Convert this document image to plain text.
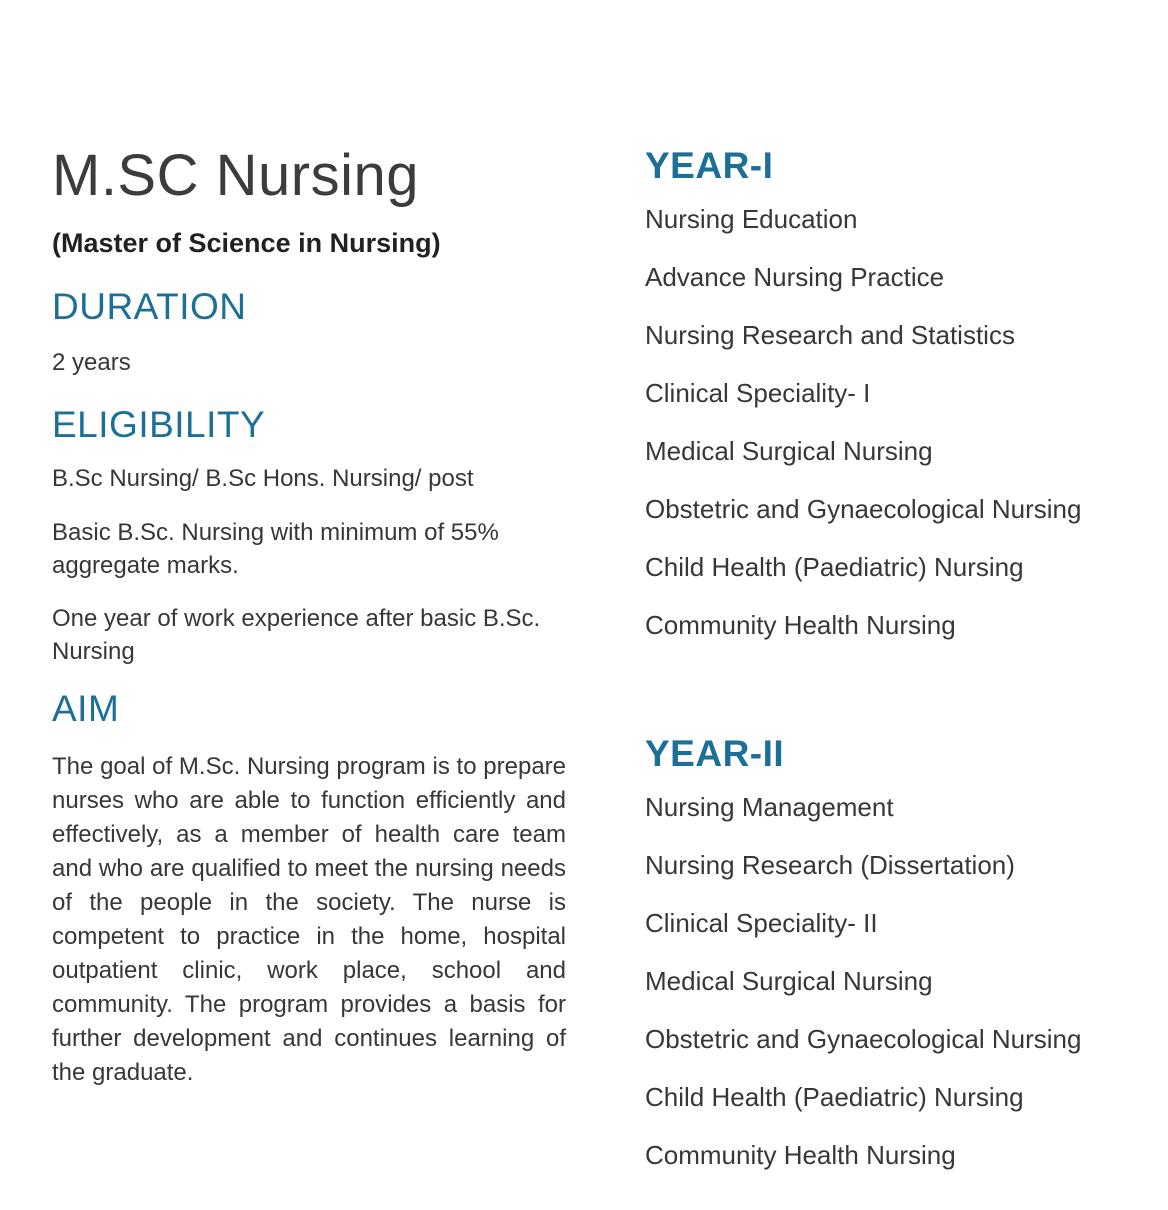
M.SC Nursing
(Master of Science in Nursing)
DURATION

2 years

ELIGIBILITY

B.Sc Nursing/ B.Sc Hons. Nursing/ post

Basic B.Sc. Nursing with minimum of 55% aggregate marks.

One year of work experience after basic B.Sc. Nursing

AIM

The goal of M.Sc. Nursing program is to prepare nurses who are able to function efficiently and effectively, as a member of health care team and who are qualified to meet the nursing needs of the people in the society. The nurse is competent to practice in the home, hospital outpatient clinic, work place, school and community. The program provides a basis for further development and continues learning of the graduate.

YEAR-I
Nursing Education
Advance Nursing Practice
Nursing Research and Statistics
Clinical Speciality- I
Medical Surgical Nursing
Obstetric and Gynaecological Nursing
Child Health (Paediatric) Nursing
Community Health Nursing
YEAR-II
Nursing Management
Nursing Research (Dissertation)
Clinical Speciality- II
Medical Surgical Nursing
Obstetric and Gynaecological Nursing
Child Health (Paediatric) Nursing
Community Health Nursing
